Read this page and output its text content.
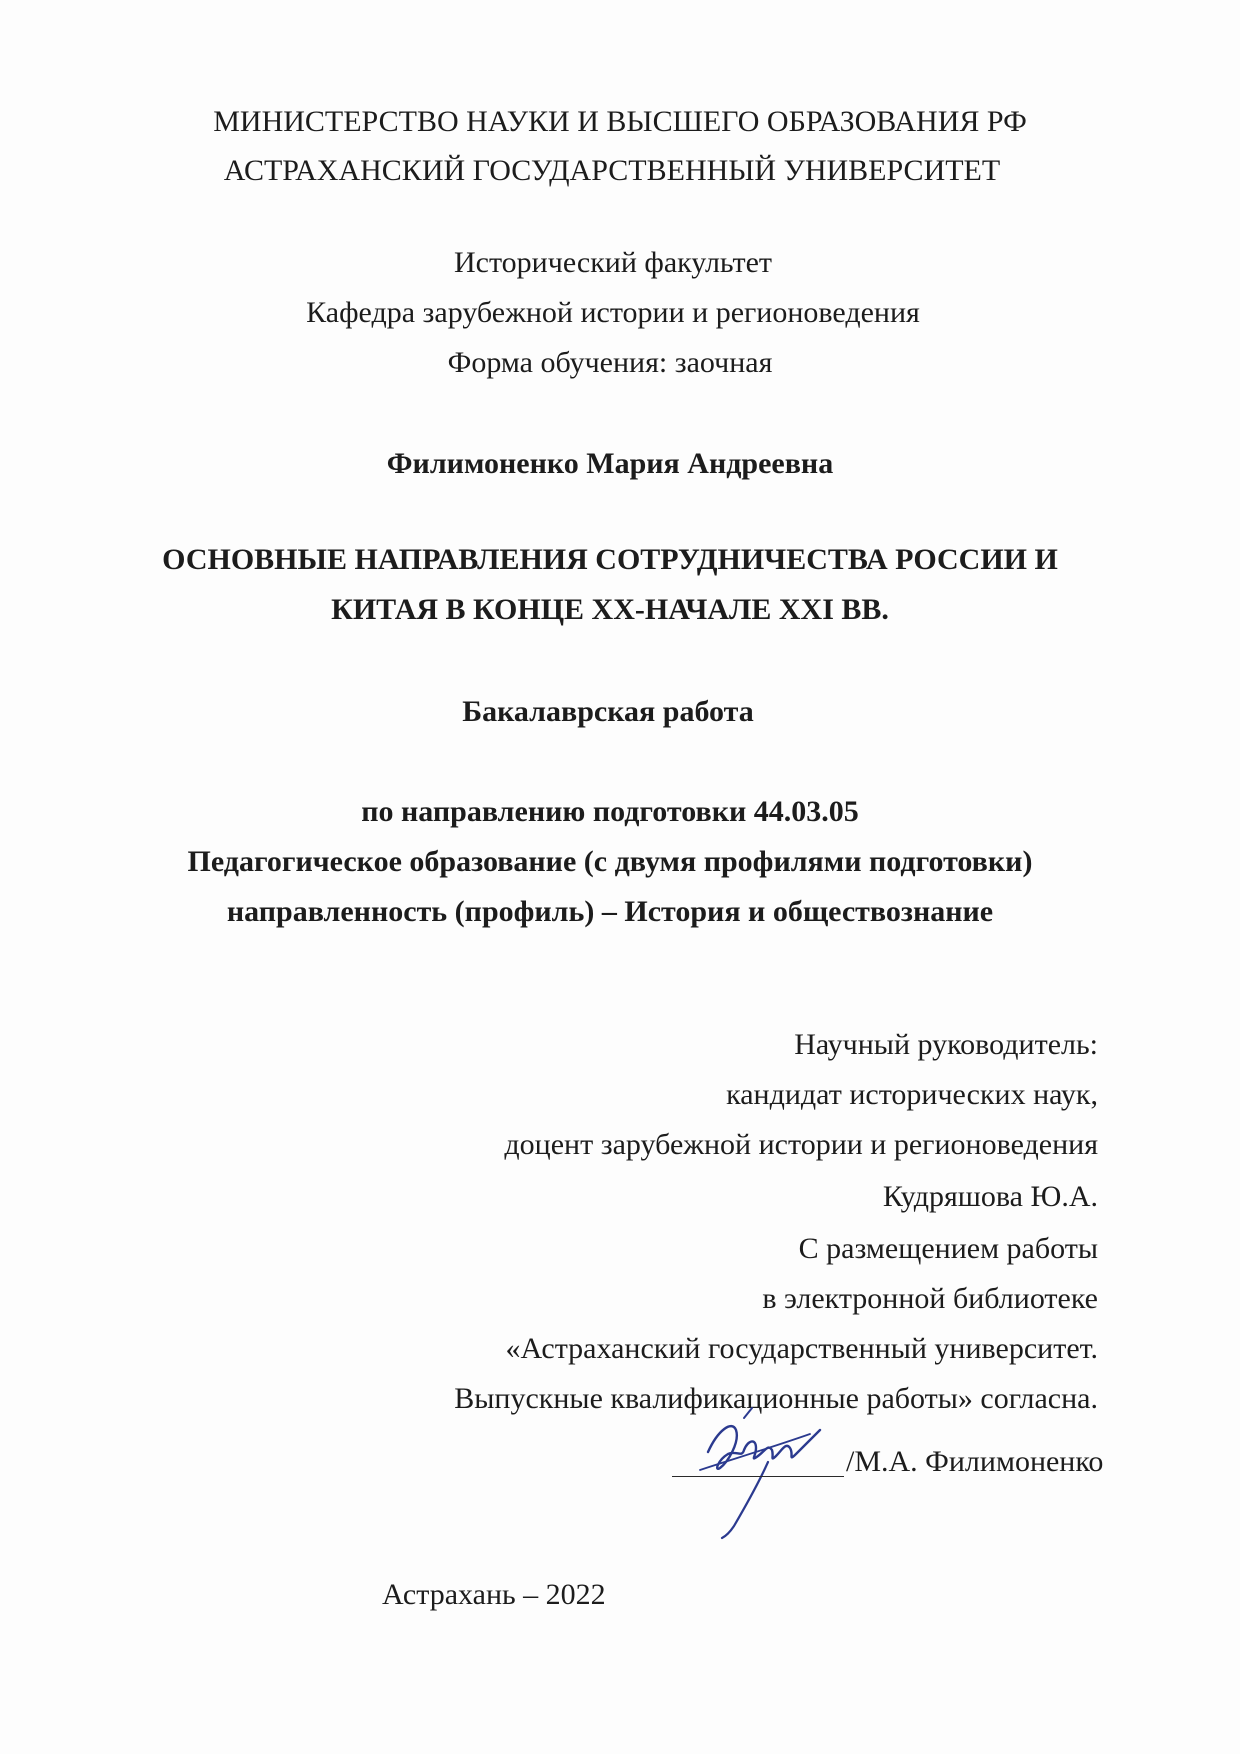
МИНИСТЕРСТВО НАУКИ И ВЫСШЕГО ОБРАЗОВАНИЯ РФ
АСТРАХАНСКИЙ ГОСУДАРСТВЕННЫЙ УНИВЕРСИТЕТ
Исторический факультет
Кафедра зарубежной истории и регионоведения
Форма обучения: заочная
Филимоненко Мария Андреевна
ОСНОВНЫЕ НАПРАВЛЕНИЯ СОТРУДНИЧЕСТВА РОССИИ И
КИТАЯ В КОНЦЕ XX-НАЧАЛЕ XXI ВВ.
Бакалаврская работа
по направлению подготовки 44.03.05
Педагогическое образование (с двумя профилями подготовки)
направленность (профиль) – История и обществознание
Научный руководитель:
кандидат исторических наук,
доцент зарубежной истории и регионоведения
Кудряшова Ю.А.
С размещением работы
в электронной библиотеке
«Астраханский государственный университет.
Выпускные квалификационные работы» согласна.
/М.А. Филимоненко
Астрахань – 2022
